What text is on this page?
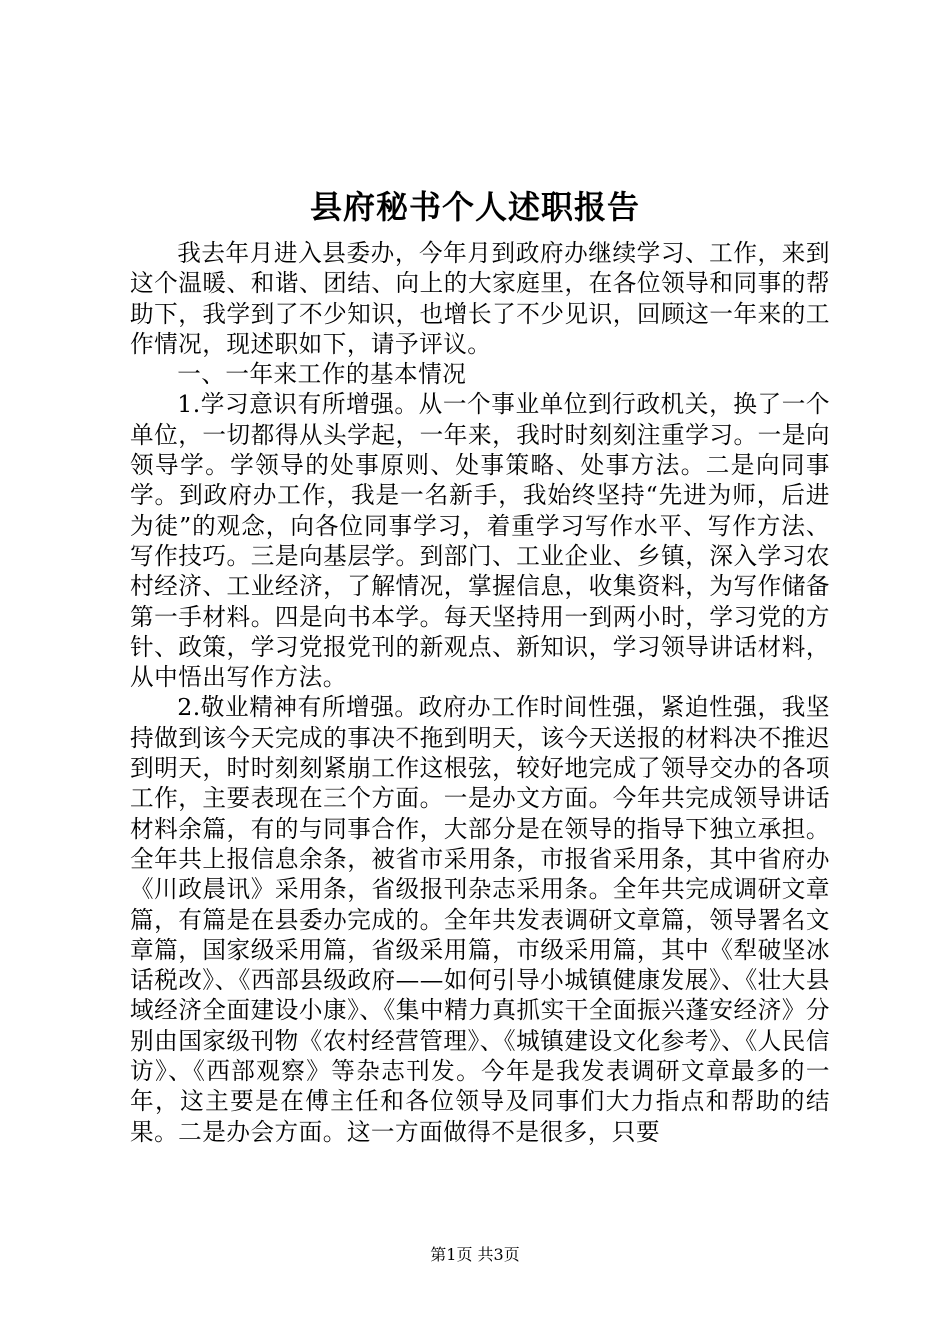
县府秘书个人述职报告

我去年月进入县委办，今年月到政府办继续学习、工作，来到这个温暖、和谐、团结、向上的大家庭里，在各位领导和同事的帮助下，我学到了不少知识，也增长了不少见识，回顾这一年来的工作情况，现述职如下，请予评议。

一、一年来工作的基本情况

1.学习意识有所增强。从一个事业单位到行政机关，换了一个单位，一切都得从头学起，一年来，我时时刻刻注重学习。一是向领导学。学领导的处事原则、处事策略、处事方法。二是向同事学。到政府办工作，我是一名新手，我始终坚持“先进为师，后进为徒”的观念，向各位同事学习，着重学习写作水平、写作方法、写作技巧。三是向基层学。到部门、工业企业、乡镇，深入学习农村经济、工业经济，了解情况，掌握信息，收集资料，为写作储备第一手材料。四是向书本学。每天坚持用一到两小时，学习党的方针、政策，学习党报党刊的新观点、新知识，学习领导讲话材料，从中悟出写作方法。

2.敬业精神有所增强。政府办工作时间性强，紧迫性强，我坚持做到该今天完成的事决不拖到明天，该今天送报的材料决不推迟到明天，时时刻刻紧崩工作这根弦，较好地完成了领导交办的各项工作，主要表现在三个方面。一是办文方面。今年共完成领导讲话材料余篇，有的与同事合作，大部分是在领导的指导下独立承担。全年共上报信息余条，被省市采用条，市报省采用条，其中省府办《川政晨讯》采用条，省级报刊杂志采用条。全年共完成调研文章篇，有篇是在县委办完成的。全年共发表调研文章篇，领导署名文章篇，国家级采用篇，省级采用篇，市级采用篇，其中《犁破坚冰话税改》、《西部县级政府——如何引导小城镇健康发展》、《壮大县域经济全面建设小康》、《集中精力真抓实干全面振兴蓬安经济》分别由国家级刊物《农村经营管理》、《城镇建设文化参考》、《人民信访》、《西部观察》等杂志刊发。今年是我发表调研文章最多的一年，这主要是在傅主任和各位领导及同事们大力指点和帮助的结果。二是办会方面。这一方面做得不是很多，只要

第1页 共3页
